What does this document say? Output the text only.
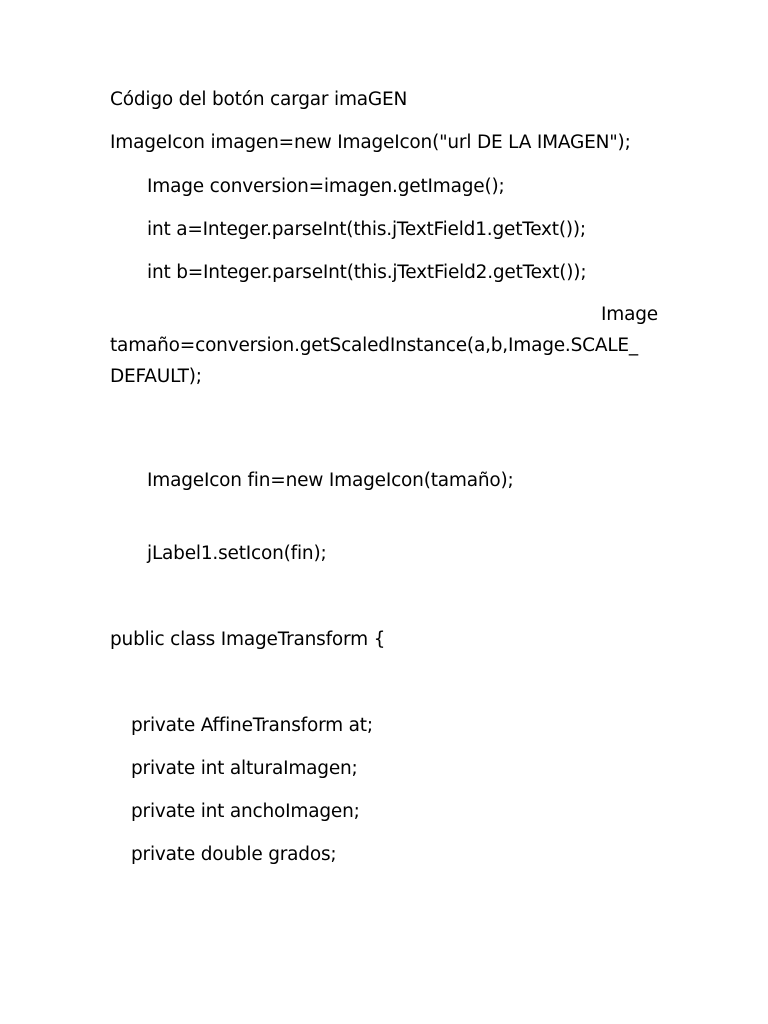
Código del botón cargar imaGEN

ImageIcon imagen=new ImageIcon("url DE LA IMAGEN");

Image conversion=imagen.getImage();

int a=Integer.parseInt(this.jTextField1.getText());

int b=Integer.parseInt(this.jTextField2.getText());

Image

tamaño=conversion.getScaledInstance(a,b,Image.SCALE_

DEFAULT);

ImageIcon fin=new ImageIcon(tamaño);

jLabel1.setIcon(fin);

public class ImageTransform {

private AffineTransform at;

private int alturaImagen;

private int anchoImagen;

private double grados;
